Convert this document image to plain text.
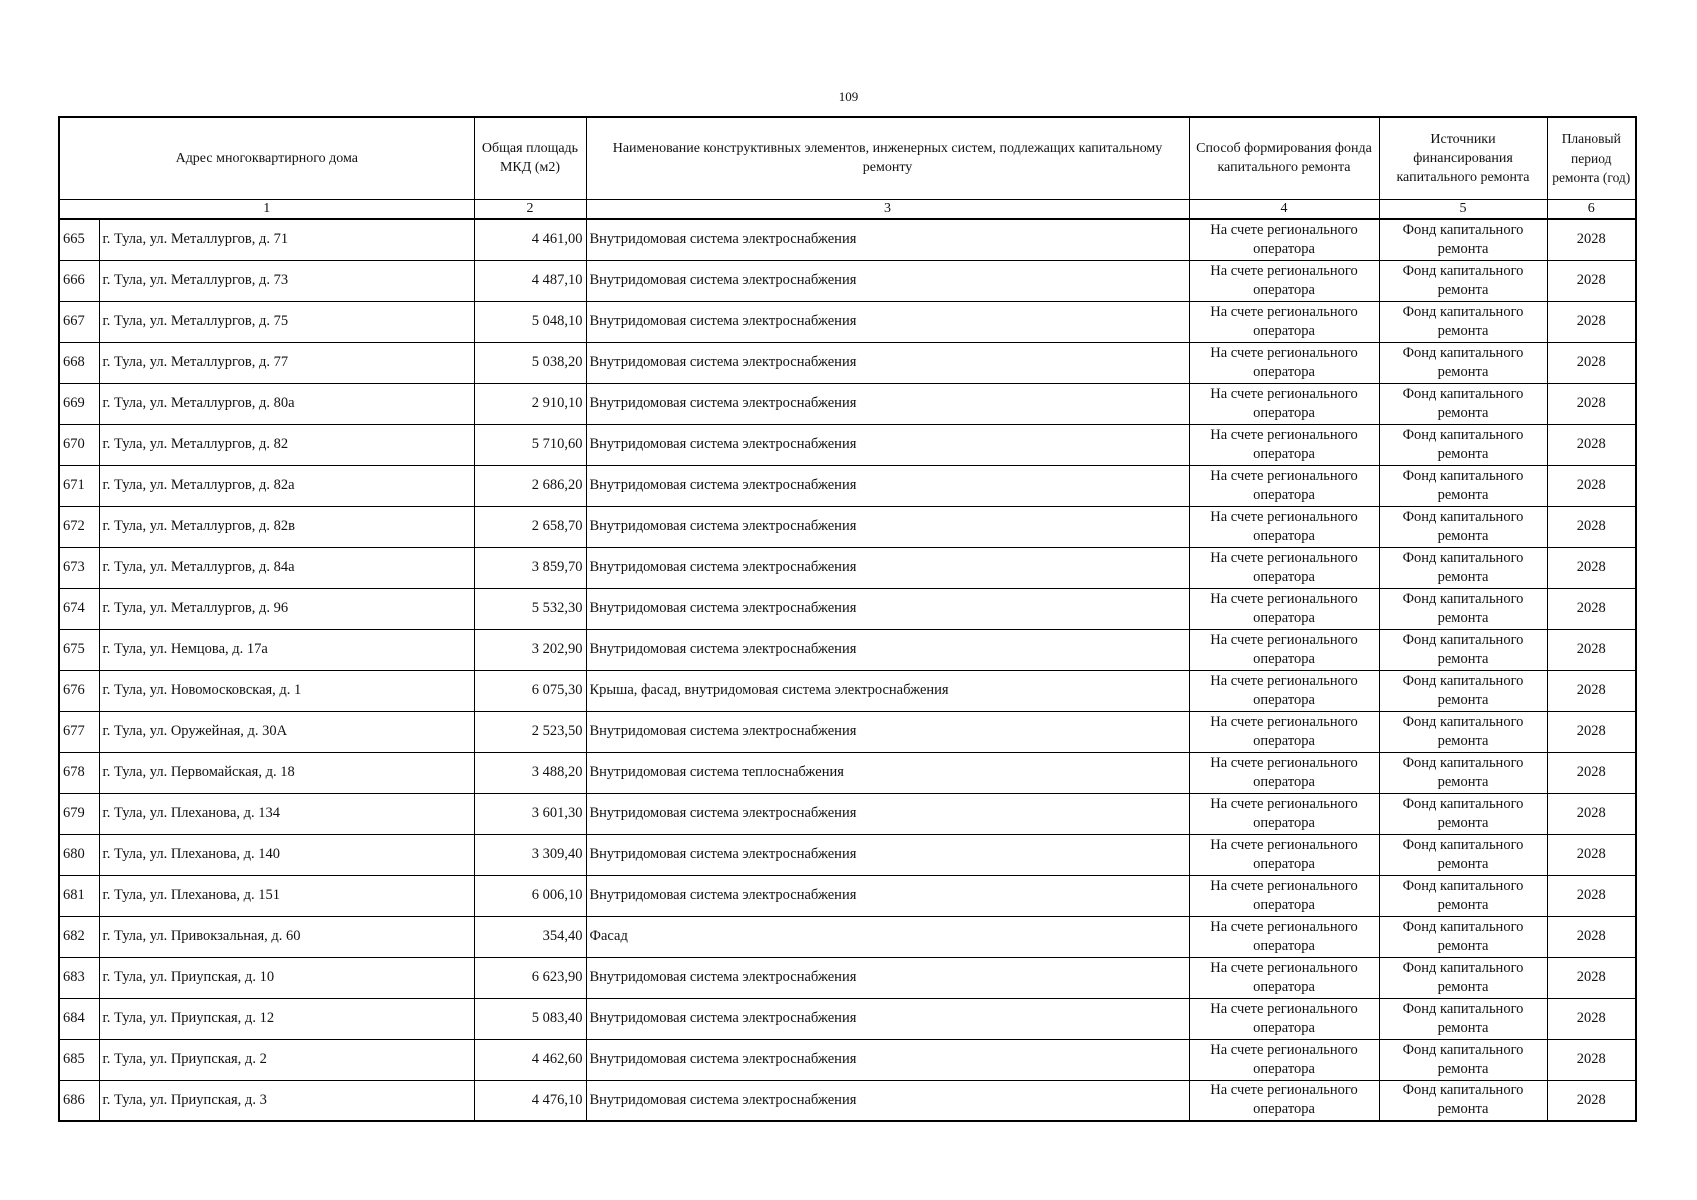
109
Адрес многоквартирного дома		Общая площадь МКД (м2)	Наименование конструктивных элементов, инженерных систем, подлежащих капитальному ремонту	Способ формирования фонда капитального ремонта	Источники финансирования капитального ремонта	Плановый период ремонта (год)
1		2	3	4	5	6
665	г. Тула, ул. Металлургов, д. 71	4 461,00	Внутридомовая система электроснабжения	На счете регионального оператора	Фонд капитального ремонта	2028
666	г. Тула, ул. Металлургов, д. 73	4 487,10	Внутридомовая система электроснабжения	На счете регионального оператора	Фонд капитального ремонта	2028
667	г. Тула, ул. Металлургов, д. 75	5 048,10	Внутридомовая система электроснабжения	На счете регионального оператора	Фонд капитального ремонта	2028
668	г. Тула, ул. Металлургов, д. 77	5 038,20	Внутридомовая система электроснабжения	На счете регионального оператора	Фонд капитального ремонта	2028
669	г. Тула, ул. Металлургов, д. 80а	2 910,10	Внутридомовая система электроснабжения	На счете регионального оператора	Фонд капитального ремонта	2028
670	г. Тула, ул. Металлургов, д. 82	5 710,60	Внутридомовая система электроснабжения	На счете регионального оператора	Фонд капитального ремонта	2028
671	г. Тула, ул. Металлургов, д. 82а	2 686,20	Внутридомовая система электроснабжения	На счете регионального оператора	Фонд капитального ремонта	2028
672	г. Тула, ул. Металлургов, д. 82в	2 658,70	Внутридомовая система электроснабжения	На счете регионального оператора	Фонд капитального ремонта	2028
673	г. Тула, ул. Металлургов, д. 84а	3 859,70	Внутридомовая система электроснабжения	На счете регионального оператора	Фонд капитального ремонта	2028
674	г. Тула, ул. Металлургов, д. 96	5 532,30	Внутридомовая система электроснабжения	На счете регионального оператора	Фонд капитального ремонта	2028
675	г. Тула, ул. Немцова, д. 17а	3 202,90	Внутридомовая система электроснабжения	На счете регионального оператора	Фонд капитального ремонта	2028
676	г. Тула, ул. Новомосковская, д. 1	6 075,30	Крыша, фасад, внутридомовая система электроснабжения	На счете регионального оператора	Фонд капитального ремонта	2028
677	г. Тула, ул. Оружейная, д. 30А	2 523,50	Внутридомовая система электроснабжения	На счете регионального оператора	Фонд капитального ремонта	2028
678	г. Тула, ул. Первомайская, д. 18	3 488,20	Внутридомовая система теплоснабжения	На счете регионального оператора	Фонд капитального ремонта	2028
679	г. Тула, ул. Плеханова, д. 134	3 601,30	Внутридомовая система электроснабжения	На счете регионального оператора	Фонд капитального ремонта	2028
680	г. Тула, ул. Плеханова, д. 140	3 309,40	Внутридомовая система электроснабжения	На счете регионального оператора	Фонд капитального ремонта	2028
681	г. Тула, ул. Плеханова, д. 151	6 006,10	Внутридомовая система электроснабжения	На счете регионального оператора	Фонд капитального ремонта	2028
682	г. Тула, ул. Привокзальная, д. 60	354,40	Фасад	На счете регионального оператора	Фонд капитального ремонта	2028
683	г. Тула, ул. Приупская, д. 10	6 623,90	Внутридомовая система электроснабжения	На счете регионального оператора	Фонд капитального ремонта	2028
684	г. Тула, ул. Приупская, д. 12	5 083,40	Внутридомовая система электроснабжения	На счете регионального оператора	Фонд капитального ремонта	2028
685	г. Тула, ул. Приупская, д. 2	4 462,60	Внутридомовая система электроснабжения	На счете регионального оператора	Фонд капитального ремонта	2028
686	г. Тула, ул. Приупская, д. 3	4 476,10	Внутридомовая система электроснабжения	На счете регионального оператора	Фонд капитального ремонта	2028
